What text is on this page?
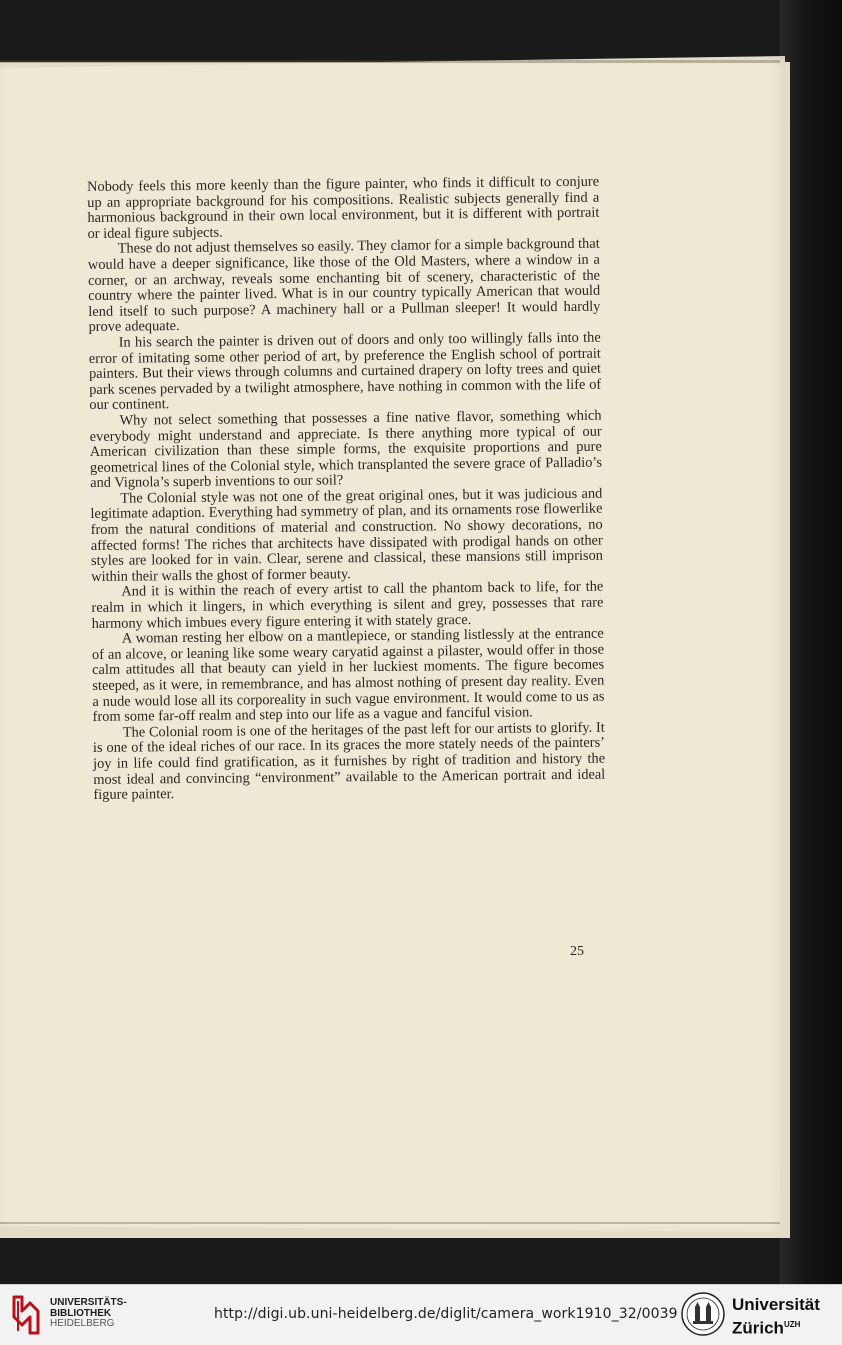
Nobody feels this more keenly than the figure painter, who finds it difficult to conjure up an appropriate background for his compositions. Realistic subjects generally find a harmonious background in their own local environment, but it is different with portrait or ideal figure subjects.

These do not adjust themselves so easily. They clamor for a simple background that would have a deeper significance, like those of the Old Masters, where a window in a corner, or an archway, reveals some enchanting bit of scenery, characteristic of the country where the painter lived. What is in our country typically American that would lend itself to such purpose? A machinery hall or a Pullman sleeper! It would hardly prove adequate.

In his search the painter is driven out of doors and only too willingly falls into the error of imitating some other period of art, by preference the English school of portrait painters. But their views through columns and curtained drapery on lofty trees and quiet park scenes pervaded by a twilight atmosphere, have nothing in common with the life of our continent.

Why not select something that possesses a fine native flavor, something which everybody might understand and appreciate. Is there anything more typical of our American civilization than these simple forms, the exquisite proportions and pure geometrical lines of the Colonial style, which transplanted the severe grace of Palladio’s and Vignola’s superb inventions to our soil?

The Colonial style was not one of the great original ones, but it was judicious and legitimate adaption. Everything had symmetry of plan, and its ornaments rose flowerlike from the natural conditions of material and construction. No showy decorations, no affected forms! The riches that architects have dissipated with prodigal hands on other styles are looked for in vain. Clear, serene and classical, these mansions still imprison within their walls the ghost of former beauty.

And it is within the reach of every artist to call the phantom back to life, for the realm in which it lingers, in which everything is silent and grey, possesses that rare harmony which imbues every figure entering it with stately grace.

A woman resting her elbow on a mantlepiece, or standing listlessly at the entrance of an alcove, or leaning like some weary caryatid against a pilaster, would offer in those calm attitudes all that beauty can yield in her luckiest moments. The figure becomes steeped, as it were, in remembrance, and has almost nothing of present day reality. Even a nude would lose all its corporeality in such vague environment. It would come to us as from some far-off realm and step into our life as a vague and fanciful vision.

The Colonial room is one of the heritages of the past left for our artists to glorify. It is one of the ideal riches of our race. In its graces the more stately needs of the painters’ joy in life could find gratification, as it furnishes by right of tradition and history the most ideal and convincing “environment” available to the American portrait and ideal figure painter.

25
UNIVERSITÄTS-
BIBLIOTHEK
HEIDELBERG
http://digi.ub.uni-heidelberg.de/diglit/camera_work1910_32/0039	Universität
Zürich$^{UZH}$
